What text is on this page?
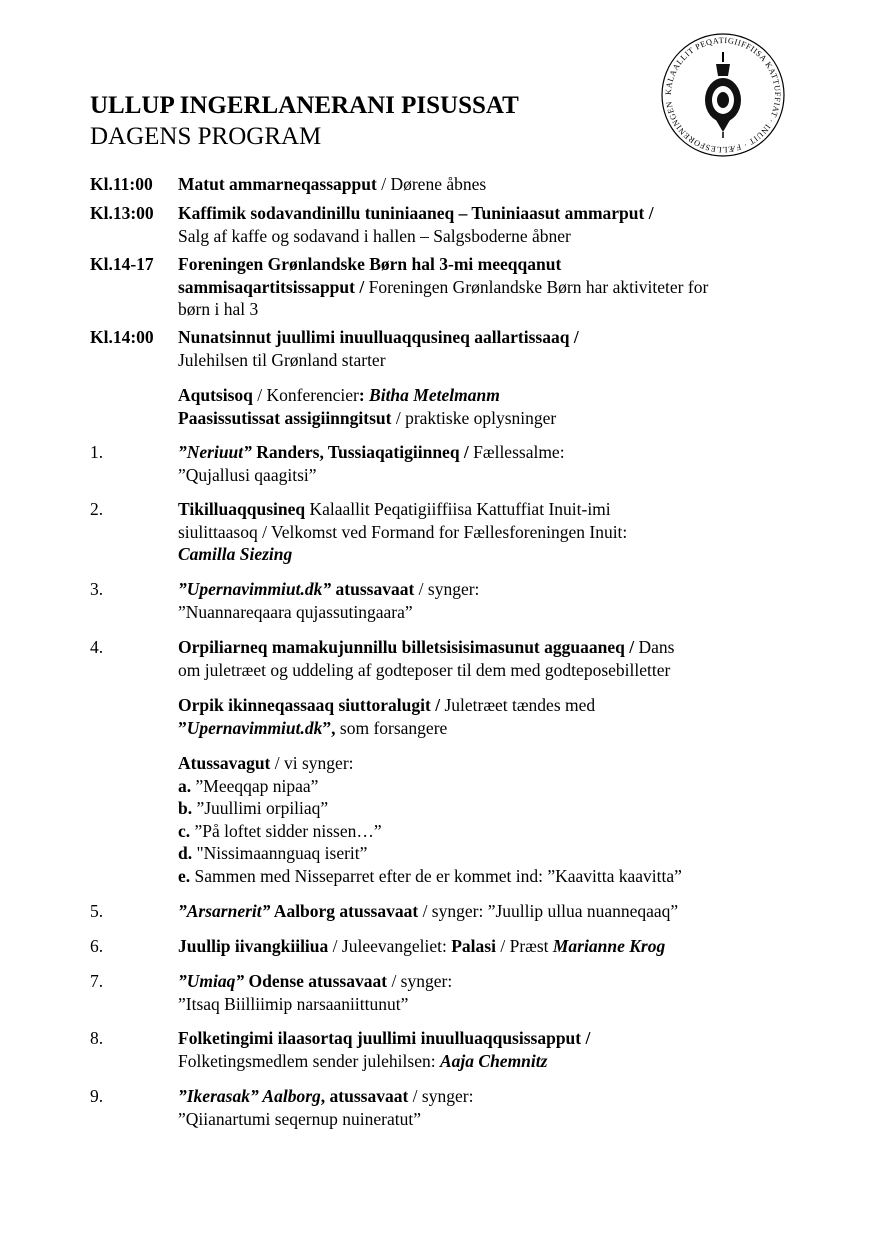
KALAALLIT PEQATIGIIFFIISA KATTUFFIAT · INUIT · FÆLLESFORENINGEN
ULLUP INGERLANERANI PISUSSAT
DAGENS PROGRAM
Kl.11:00 Matut ammarneqassapput / Dørene åbnes
Kl.13:00 Kaffimik sodavandinillu tuniniaaneq – Tuniniaasut ammarput /
Salg af kaffe og sodavand i hallen – Salgsboderne åbner
Kl.14-17 Foreningen Grønlandske Børn hal 3-mi meeqqanut
sammisaqartitsissapput / Foreningen Grønlandske Børn har aktiviteter for
børn i hal 3
Kl.14:00 Nunatsinnut juullimi inuulluaqqusineq aallartissaaq /
Julehilsen til Grønland starter
Aqutsisoq / Konferencier: Bitha Metelmanm
Paasissutissat assigiinngitsut / praktiske oplysninger
1.	”Neriuut” Randers, Tussiaqatigiinneq / Fællessalme:
”Qujallusi qaagitsi”
2.	Tikilluaqqusineq Kalaallit Peqatigiiffiisa Kattuffiat Inuit-imi
siulittaasoq / Velkomst ved Formand for Fællesforeningen Inuit:
Camilla Siezing
3.	”Upernavimmiut.dk” atussavaat / synger:
”Nuannareqaara qujassutingaara”
4.	Orpiliarneq mamakujunnillu billetsisisimasunut agguaaneq / Dans
om juletræet og uddeling af godteposer til dem med godteposebilletter
Orpik ikinneqassaaq siuttoralugit / Juletræet tændes med
”Upernavimmiut.dk”, som forsangere
Atussavagut / vi synger:
a. ”Meeqqap nipaa”
b. ”Juullimi orpiliaq”
c. ”På loftet sidder nissen…”
d. "Nissimaannguaq iserit”
e. Sammen med Nisseparret efter de er kommet ind: ”Kaavitta kaavitta”
5.	”Arsarnerit” Aalborg atussavaat / synger: ”Juullip ullua nuanneqaaq”
6.	Juullip iivangkiiliua / Juleevangeliet: Palasi / Præst Marianne Krog
7.	”Umiaq” Odense atussavaat / synger:
”Itsaq Biilliimip narsaaniittunut”
8.	Folketingimi ilaasortaq juullimi inuulluaqqusissapput /
Folketingsmedlem sender julehilsen: Aaja Chemnitz
9.	”Ikerasak” Aalborg, atussavaat / synger:
”Qiianartumi seqernup nuineratut”
